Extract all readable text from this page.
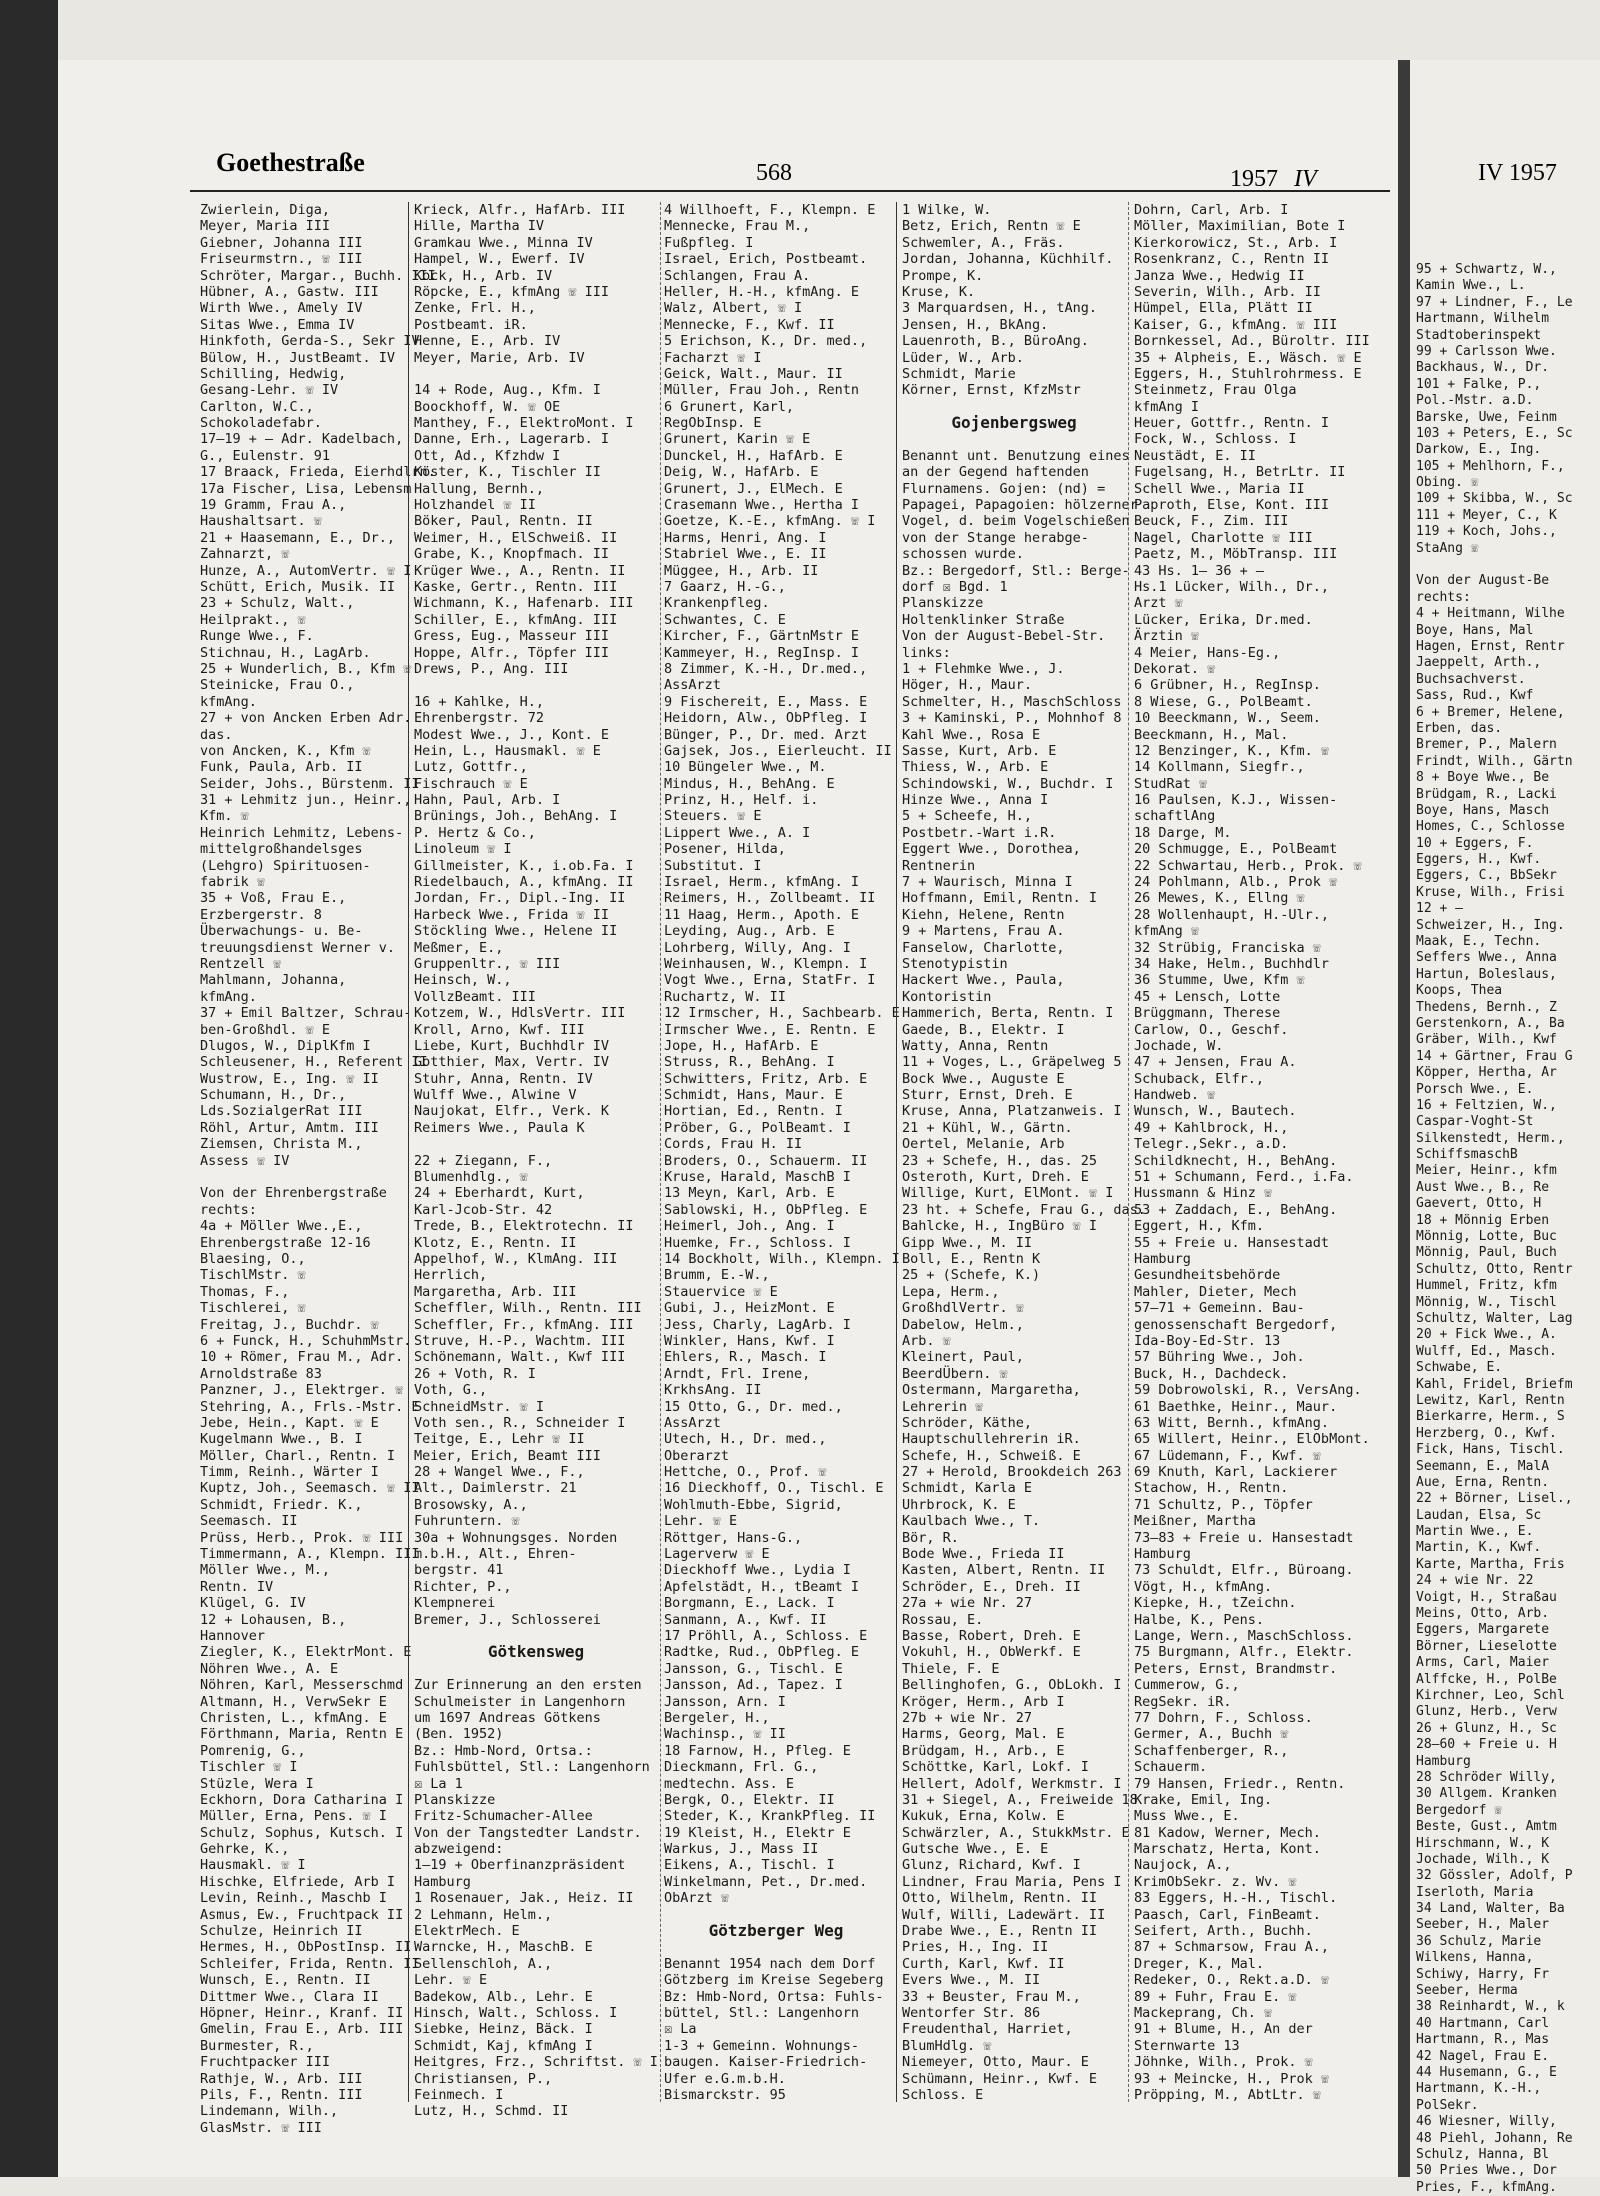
95 + Schwartz, W.,
Kamin Wwe., L.
97 + Lindner, F., Le
Hartmann, Wilhelm
Stadtoberinspekt
99 + Carlsson Wwe.
Backhaus, W., Dr.
101 + Falke, P.,
Pol.-Mstr. a.D.
Barske, Uwe, Feinm
103 + Peters, E., Sc
Darkow, E., Ing.
105 + Mehlhorn, F.,
Obing. ☏
109 + Skibba, W., Sc
111 + Meyer, C., K
119 + Koch, Johs.,
StaAng ☏

Von der August-Be
rechts:
4 + Heitmann, Wilhe
Boye, Hans, Mal
Hagen, Ernst, Rentr
Jaeppelt, Arth.,
Buchsachverst.
Sass, Rud., Kwf
6 + Bremer, Helene,
Erben, das.
Bremer, P., Malern
Frindt, Wilh., Gärtn
8 + Boye Wwe., Be
Brüdgam, R., Lacki
Boye, Hans, Masch
Homes, C., Schlosse
10 + Eggers, F.
Eggers, H., Kwf.
Eggers, C., BbSekr
Kruse, Wilh., Frisi
12 + —
Schweizer, H., Ing.
Maak, E., Techn.
Seffers Wwe., Anna
Hartun, Boleslaus,
Koops, Thea
Thedens, Bernh., Z
Gerstenkorn, A., Ba
Gräber, Wilh., Kwf
14 + Gärtner, Frau G
Köpper, Hertha, Ar
Porsch Wwe., E.
16 + Feltzien, W.,
Caspar-Voght-St
Silkenstedt, Herm.,
SchiffsmaschB
Meier, Heinr., kfm
Aust Wwe., B., Re
Gaevert, Otto, H
18 + Mönnig Erben
Mönnig, Lotte, Buc
Mönnig, Paul, Buch
Schultz, Otto, Rentr
Hummel, Fritz, kfm
Mönnig, W., Tischl
Schultz, Walter, Lag
20 + Fick Wwe., A.
Wulff, Ed., Masch.
Schwabe, E.
Kahl, Fridel, Briefm
Lewitz, Karl, Rentn
Bierkarre, Herm., S
Herzberg, O., Kwf.
Fick, Hans, Tischl.
Seemann, E., MalA
Aue, Erna, Rentn.
22 + Börner, Lisel.,
Laudan, Elsa, Sc
Martin Wwe., E.
Martin, K., Kwf.
Karte, Martha, Fris
24 + wie Nr. 22
Voigt, H., Straßau
Meins, Otto, Arb.
Eggers, Margarete
Börner, Lieselotte
Arms, Carl, Maier
Alffcke, H., PolBe
Kirchner, Leo, Schl
Glunz, Herb., Verw
26 + Glunz, H., Sc
28—60 + Freie u. H
Hamburg
28 Schröder Willy,
30 Allgem. Kranken
Bergedorf ☏
Beste, Gust., Amtm
Hirschmann, W., K
Jochade, Wilh., K
32 Gössler, Adolf, P
Iserloth, Maria
34 Land, Walter, Ba
Seeber, H., Maler
36 Schulz, Marie
Wilkens, Hanna,
Schiwy, Harry, Fr
Seeber, Herma
38 Reinhardt, W., k
40 Hartmann, Carl
Hartmann, R., Mas
42 Nagel, Frau E.
44 Husemann, G., E
Hartmann, K.-H.,
PolSekr.
46 Wiesner, Willy,
48 Piehl, Johann, Re
Schulz, Hanna, Bl
50 Pries Wwe., Dor
Pries, F., kfmAng.
Goethestraße	568	1957 IV	IV 1957
Zwierlein, Diga,
Meyer, Maria III
Giebner, Johanna III
Friseurmstrn., ☏ III
Schröter, Margar., Buchh. III
Hübner, A., Gastw. III
Wirth Wwe., Amely IV
Sitas Wwe., Emma IV
Hinkfoth, Gerda-S., Sekr IV
Bülow, H., JustBeamt. IV
Schilling, Hedwig,
Gesang-Lehr. ☏ IV
Carlton, W.C.,
Schokoladefabr.
17—19 + — Adr. Kadelbach,
G., Eulenstr. 91
17 Braack, Frieda, Eierhdlrn.
17a Fischer, Lisa, Lebensm
19 Gramm, Frau A.,
Haushaltsart. ☏
21 + Haasemann, E., Dr.,
Zahnarzt, ☏
Hunze, A., AutomVertr. ☏ I
Schütt, Erich, Musik. II
23 + Schulz, Walt.,
Heilprakt., ☏
Runge Wwe., F.
Stichnau, H., LagArb.
25 + Wunderlich, B., Kfm ☏
Steinicke, Frau O.,
kfmAng.
27 + von Ancken Erben Adr.
das.
von Ancken, K., Kfm ☏
Funk, Paula, Arb. II
Seider, Johs., Bürstenm. II
31 + Lehmitz jun., Heinr.,
Kfm. ☏
Heinrich Lehmitz, Lebens-
mittelgroßhandelsges
(Lehgro) Spirituosen-
fabrik ☏
35 + Voß, Frau E.,
Erzbergerstr. 8
Überwachungs- u. Be-
treuungsdienst Werner v.
Rentzell ☏
Mahlmann, Johanna,
kfmAng.
37 + Emil Baltzer, Schrau-
ben-Großhdl. ☏ E
Dlugos, W., DiplKfm I
Schleusener, H., Referent II
Wustrow, E., Ing. ☏ II
Schumann, H., Dr.,
Lds.SozialgerRat III
Röhl, Artur, Amtm. III
Ziemsen, Christa M.,
Assess ☏ IV

Von der Ehrenbergstraße
rechts:
4a + Möller Wwe.,E.,
Ehrenbergstraße 12-16
Blaesing, O.,
TischlMstr. ☏
Thomas, F.,
Tischlerei, ☏
Freitag, J., Buchdr. ☏
6 + Funck, H., SchuhmMstr.
10 + Römer, Frau M., Adr.
Arnoldstraße 83
Panzner, J., Elektrger. ☏
Stehring, A., Frls.-Mstr. E
Jebe, Hein., Kapt. ☏ E
Kugelmann Wwe., B. I
Möller, Charl., Rentn. I
Timm, Reinh., Wärter I
Kuptz, Joh., Seemasch. ☏ II
Schmidt, Friedr. K.,
Seemasch. II
Prüss, Herb., Prok. ☏ III
Timmermann, A., Klempn. III
Möller Wwe., M.,
Rentn. IV
Klügel, G. IV
12 + Lohausen, B.,
Hannover
Ziegler, K., ElektrMont. E
Nöhren Wwe., A. E
Nöhren, Karl, Messerschmd
Altmann, H., VerwSekr E
Christen, L., kfmAng. E
Förthmann, Maria, Rentn E
Pomrenig, G.,
Tischler ☏ I
Stüzle, Wera I
Eckhorn, Dora Catharina I
Müller, Erna, Pens. ☏ I
Schulz, Sophus, Kutsch. I
Gehrke, K.,
Hausmakl. ☏ I
Hischke, Elfriede, Arb I
Levin, Reinh., Maschb I
Asmus, Ew., Fruchtpack II
Schulze, Heinrich II
Hermes, H., ObPostInsp. II
Schleifer, Frida, Rentn. II
Wunsch, E., Rentn. II
Dittmer Wwe., Clara II
Höpner, Heinr., Kranf. II
Gmelin, Frau E., Arb. III
Burmester, R.,
Fruchtpacker III
Rathje, W., Arb. III
Pils, F., Rentn. III
Lindemann, Wilh.,
GlasMstr. ☏ III
Krieck, Alfr., HafArb. III
Hille, Martha IV
Gramkau Wwe., Minna IV
Hampel, W., Ewerf. IV
Kock, H., Arb. IV
Röpcke, E., kfmAng ☏ III
Zenke, Frl. H.,
Postbeamt. iR.
Henne, E., Arb. IV
Meyer, Marie, Arb. IV

14 + Rode, Aug., Kfm. I
Boockhoff, W. ☏ OE
Manthey, F., ElektroMont. I
Danne, Erh., Lagerarb. I
Ott, Ad., Kfzhdw I
Köster, K., Tischler II
Hallung, Bernh.,
Holzhandel ☏ II
Böker, Paul, Rentn. II
Weimer, H., ElSchweiß. II
Grabe, K., Knopfmach. II
Krüger Wwe., A., Rentn. II
Kaske, Gertr., Rentn. III
Wichmann, K., Hafenarb. III
Schiller, E., kfmAng. III
Gress, Eug., Masseur III
Hoppe, Alfr., Töpfer III
Drews, P., Ang. III

16 + Kahlke, H.,
Ehrenbergstr. 72
Modest Wwe., J., Kont. E
Hein, L., Hausmakl. ☏ E
Lutz, Gottfr.,
Fischrauch ☏ E
Hahn, Paul, Arb. I
Brünings, Joh., BehAng. I
P. Hertz & Co.,
Linoleum ☏ I
Gillmeister, K., i.ob.Fa. I
Riedelbauch, A., kfmAng. II
Jordan, Fr., Dipl.-Ing. II
Harbeck Wwe., Frida ☏ II
Stöckling Wwe., Helene II
Meßmer, E.,
Gruppenltr., ☏ III
Heinsch, W.,
VollzBeamt. III
Kotzem, W., HdlsVertr. III
Kroll, Arno, Kwf. III
Liebe, Kurt, Buchhdlr IV
Gotthier, Max, Vertr. IV
Stuhr, Anna, Rentn. IV
Wulff Wwe., Alwine V
Naujokat, Elfr., Verk. K
Reimers Wwe., Paula K

22 + Ziegann, F.,
Blumenhdlg., ☏
24 + Eberhardt, Kurt,
Karl-Jcob-Str. 42
Trede, B., Elektrotechn. II
Klotz, E., Rentn. II
Appelhof, W., KlmAng. III
Herrlich,
Margaretha, Arb. III
Scheffler, Wilh., Rentn. III
Scheffler, Fr., kfmAng. III
Struve, H.-P., Wachtm. III
Schönemann, Walt., Kwf III
26 + Voth, R. I
Voth, G.,
SchneidMstr. ☏ I
Voth sen., R., Schneider I
Teitge, E., Lehr ☏ II
Meier, Erich, Beamt III
28 + Wangel Wwe., F.,
Alt., Daimlerstr. 21
Brosowsky, A.,
Fuhruntern. ☏
30a + Wohnungsges. Norden
m.b.H., Alt., Ehren-
bergstr. 41
Richter, P.,
Klempnerei
Bremer, J., Schlosserei

Götkensweg

Zur Erinnerung an den ersten
Schulmeister in Langenhorn
um 1697 Andreas Götkens
(Ben. 1952)
Bz.: Hmb-Nord, Ortsa.:
Fuhlsbüttel, Stl.: Langenhorn
☒ La 1
Planskizze
Fritz-Schumacher-Allee
Von der Tangstedter Landstr.
abzweigend:
1—19 + Oberfinanzpräsident
Hamburg
1 Rosenauer, Jak., Heiz. II
2 Lehmann, Helm.,
ElektrMech. E
Warncke, H., MaschB. E
Sellenschloh, A.,
Lehr. ☏ E
Badekow, Alb., Lehr. E
Hinsch, Walt., Schloss. I
Siebke, Heinz, Bäck. I
Schmidt, Kaj, kfmAng I
Heitgres, Frz., Schriftst. ☏ I
Christiansen, P.,
Feinmech. I
Lutz, H., Schmd. II
4 Willhoeft, F., Klempn. E
Mennecke, Frau M.,
Fußpfleg. I
Israel, Erich, Postbeamt.
Schlangen, Frau A.
Heller, H.-H., kfmAng. E
Walz, Albert, ☏ I
Mennecke, F., Kwf. II
5 Erichson, K., Dr. med.,
Facharzt ☏ I
Geick, Walt., Maur. II
Müller, Frau Joh., Rentn
6 Grunert, Karl,
RegObInsp. E
Grunert, Karin ☏ E
Dunckel, H., HafArb. E
Deig, W., HafArb. E
Grunert, J., ElMech. E
Crasemann Wwe., Hertha I
Goetze, K.-E., kfmAng. ☏ I
Harms, Henri, Ang. I
Stabriel Wwe., E. II
Müggee, H., Arb. II
7 Gaarz, H.-G.,
Krankenpfleg.
Schwantes, C. E
Kircher, F., GärtnMstr E
Kammeyer, H., RegInsp. I
8 Zimmer, K.-H., Dr.med.,
AssArzt
9 Fischereit, E., Mass. E
Heidorn, Alw., ObPfleg. I
Bünger, P., Dr. med. Arzt
Gajsek, Jos., Eierleucht. II
10 Büngeler Wwe., M.
Mindus, H., BehAng. E
Prinz, H., Helf. i.
Steuers. ☏ E
Lippert Wwe., A. I
Posener, Hilda,
Substitut. I
Israel, Herm., kfmAng. I
Reimers, H., Zollbeamt. II
11 Haag, Herm., Apoth. E
Leyding, Aug., Arb. E
Lohrberg, Willy, Ang. I
Weinhausen, W., Klempn. I
Vogt Wwe., Erna, StatFr. I
Ruchartz, W. II
12 Irmscher, H., Sachbearb. E
Irmscher Wwe., E. Rentn. E
Jope, H., HafArb. E
Struss, R., BehAng. I
Schwitters, Fritz, Arb. E
Schmidt, Hans, Maur. E
Hortian, Ed., Rentn. I
Pröber, G., PolBeamt. I
Cords, Frau H. II
Broders, O., Schauerm. II
Kruse, Harald, MaschB I
13 Meyn, Karl, Arb. E
Sablowski, H., ObPfleg. E
Heimerl, Joh., Ang. I
Huemke, Fr., Schloss. I
14 Bockholt, Wilh., Klempn. I
Brumm, E.-W.,
Stauervice ☏ E
Gubi, J., HeizMont. E
Jess, Charly, LagArb. I
Winkler, Hans, Kwf. I
Ehlers, R., Masch. I
Arndt, Frl. Irene,
KrkhsAng. II
15 Otto, G., Dr. med.,
AssArzt
Utech, H., Dr. med.,
Oberarzt
Hettche, O., Prof. ☏
16 Dieckhoff, O., Tischl. E
Wohlmuth-Ebbe, Sigrid,
Lehr. ☏ E
Röttger, Hans-G.,
Lagerverw ☏ E
Dieckhoff Wwe., Lydia I
Apfelstädt, H., tBeamt I
Borgmann, E., Lack. I
Sanmann, A., Kwf. II
17 Pröhll, A., Schloss. E
Radtke, Rud., ObPfleg. E
Jansson, G., Tischl. E
Jansson, Ad., Tapez. I
Jansson, Arn. I
Bergeler, H.,
Wachinsp., ☏ II
18 Farnow, H., Pfleg. E
Dieckmann, Frl. G.,
medtechn. Ass. E
Bergk, O., Elektr. II
Steder, K., KrankPfleg. II
19 Kleist, H., Elektr E
Warkus, J., Mass II
Eikens, A., Tischl. I
Winkelmann, Pet., Dr.med.
ObArzt ☏

Götzberger Weg

Benannt 1954 nach dem Dorf
Götzberg im Kreise Segeberg
Bz: Hmb-Nord, Ortsa: Fuhls-
büttel, Stl.: Langenhorn
☒ La
1-3 + Gemeinn. Wohnungs-
baugen. Kaiser-Friedrich-
Ufer e.G.m.b.H.
Bismarckstr. 95
1 Wilke, W.
Betz, Erich, Rentn ☏ E
Schwemler, A., Fräs.
Jordan, Johanna, Küchhilf.
Prompe, K.
Kruse, K.
3 Marquardsen, H., tAng.
Jensen, H., BkAng.
Lauenroth, B., BüroAng.
Lüder, W., Arb.
Schmidt, Marie
Körner, Ernst, KfzMstr

Gojenbergsweg

Benannt unt. Benutzung eines
an der Gegend haftenden
Flurnamens. Gojen: (nd) =
Papagei, Papagoien: hölzerner
Vogel, d. beim Vogelschießen
von der Stange herabge-
schossen wurde.
Bz.: Bergedorf, Stl.: Berge-
dorf ☒ Bgd. 1
Planskizze
Holtenklinker Straße
Von der August-Bebel-Str.
links:
1 + Flehmke Wwe., J.
Höger, H., Maur.
Schmelter, H., MaschSchloss
3 + Kaminski, P., Mohnhof 8
Kahl Wwe., Rosa E
Sasse, Kurt, Arb. E
Thiess, W., Arb. E
Schindowski, W., Buchdr. I
Hinze Wwe., Anna I
5 + Scheefe, H.,
Postbetr.-Wart i.R.
Eggert Wwe., Dorothea,
Rentnerin
7 + Waurisch, Minna I
Hoffmann, Emil, Rentn. I
Kiehn, Helene, Rentn
9 + Martens, Frau A.
Fanselow, Charlotte,
Stenotypistin
Hackert Wwe., Paula,
Kontoristin
Hammerich, Berta, Rentn. I
Gaede, B., Elektr. I
Watty, Anna, Rentn
11 + Voges, L., Gräpelweg 5
Bock Wwe., Auguste E
Sturr, Ernst, Dreh. E
Kruse, Anna, Platzanweis. I
21 + Kühl, W., Gärtn.
Oertel, Melanie, Arb
23 + Schefe, H., das. 25
Osteroth, Kurt, Dreh. E
Willige, Kurt, ElMont. ☏ I
23 ht. + Schefe, Frau G., das.
Bahlcke, H., IngBüro ☏ I
Gipp Wwe., M. II
Boll, E., Rentn K
25 + (Schefe, K.)
Lepa, Herm.,
GroßhdlVertr. ☏
Dabelow, Helm.,
Arb. ☏
Kleinert, Paul,
BeerdÜbern. ☏
Ostermann, Margaretha,
Lehrerin ☏
Schröder, Käthe,
Hauptschullehrerin iR.
Schefe, H., Schweiß. E
27 + Herold, Brookdeich 263
Schmidt, Karla E
Uhrbrock, K. E
Kaulbach Wwe., T.
Bör, R.
Bode Wwe., Frieda II
Kasten, Albert, Rentn. II
Schröder, E., Dreh. II
27a + wie Nr. 27
Rossau, E.
Basse, Robert, Dreh. E
Vokuhl, H., ObWerkf. E
Thiele, F. E
Bellinghofen, G., ObLokh. I
Kröger, Herm., Arb I
27b + wie Nr. 27
Harms, Georg, Mal. E
Brüdgam, H., Arb., E
Schöttke, Karl, Lokf. I
Hellert, Adolf, Werkmstr. I
31 + Siegel, A., Freiweide 18
Kukuk, Erna, Kolw. E
Schwärzler, A., StukkMstr. E
Gutsche Wwe., E. E
Glunz, Richard, Kwf. I
Lindner, Frau Maria, Pens I
Otto, Wilhelm, Rentn. II
Wulf, Willi, Ladewärt. II
Drabe Wwe., E., Rentn II
Pries, H., Ing. II
Curth, Karl, Kwf. II
Evers Wwe., M. II
33 + Beuster, Frau M.,
Wentorfer Str. 86
Freudenthal, Harriet,
BlumHdlg. ☏
Niemeyer, Otto, Maur. E
Schümann, Heinr., Kwf. E
Schloss. E
Dohrn, Carl, Arb. I
Möller, Maximilian, Bote I
Kierkorowicz, St., Arb. I
Rosenkranz, C., Rentn II
Janza Wwe., Hedwig II
Severin, Wilh., Arb. II
Hümpel, Ella, Plätt II
Kaiser, G., kfmAng. ☏ III
Bornkessel, Ad., Büroltr. III
35 + Alpheis, E., Wäsch. ☏ E
Eggers, H., Stuhlrohrmess. E
Steinmetz, Frau Olga
kfmAng I
Heuer, Gottfr., Rentn. I
Fock, W., Schloss. I
Neustädt, E. II
Fugelsang, H., BetrLtr. II
Schell Wwe., Maria II
Paproth, Else, Kont. III
Beuck, F., Zim. III
Nagel, Charlotte ☏ III
Paetz, M., MöbTransp. III
43 Hs. 1— 36 + —
Hs.1 Lücker, Wilh., Dr.,
Arzt ☏
Lücker, Erika, Dr.med.
Ärztin ☏
4 Meier, Hans-Eg.,
Dekorat. ☏
6 Grübner, H., RegInsp.
8 Wiese, G., PolBeamt.
10 Beeckmann, W., Seem.
Beeckmann, H., Mal.
12 Benzinger, K., Kfm. ☏
14 Kollmann, Siegfr.,
StudRat ☏
16 Paulsen, K.J., Wissen-
schaftlAng
18 Darge, M.
20 Schmugge, E., PolBeamt
22 Schwartau, Herb., Prok. ☏
24 Pohlmann, Alb., Prok ☏
26 Mewes, K., Ellng ☏
28 Wollenhaupt, H.-Ulr.,
kfmAng ☏
32 Strübig, Franciska ☏
34 Hake, Helm., Buchhdlr
36 Stumme, Uwe, Kfm ☏
45 + Lensch, Lotte
Brüggmann, Therese
Carlow, O., Geschf.
Jochade, W.
47 + Jensen, Frau A.
Schuback, Elfr.,
Handweb. ☏
Wunsch, W., Bautech.
49 + Kahlbrock, H.,
Telegr.,Sekr., a.D.
Schildknecht, H., BehAng.
51 + Schumann, Ferd., i.Fa.
Hussmann & Hinz ☏
53 + Zaddach, E., BehAng.
Eggert, H., Kfm.
55 + Freie u. Hansestadt
Hamburg
Gesundheitsbehörde
Mahler, Dieter, Mech
57—71 + Gemeinn. Bau-
genossenschaft Bergedorf,
Ida-Boy-Ed-Str. 13
57 Bühring Wwe., Joh.
Buck, H., Dachdeck.
59 Dobrowolski, R., VersAng.
61 Baethke, Heinr., Maur.
63 Witt, Bernh., kfmAng.
65 Willert, Heinr., ElObMont.
67 Lüdemann, F., Kwf. ☏
69 Knuth, Karl, Lackierer
Stachow, H., Rentn.
71 Schultz, P., Töpfer
Meißner, Martha
73—83 + Freie u. Hansestadt
Hamburg
73 Schuldt, Elfr., Büroang.
Vögt, H., kfmAng.
Kiepke, H., tZeichn.
Halbe, K., Pens.
Lange, Wern., MaschSchloss.
75 Burgmann, Alfr., Elektr.
Peters, Ernst, Brandmstr.
Cummerow, G.,
RegSekr. iR.
77 Dohrn, F., Schloss.
Germer, A., Buchh ☏
Schaffenberger, R.,
Schauerm.
79 Hansen, Friedr., Rentn.
Krake, Emil, Ing.
Muss Wwe., E.
81 Kadow, Werner, Mech.
Marschatz, Herta, Kont.
Naujock, A.,
KrimObSekr. z. Wv. ☏
83 Eggers, H.-H., Tischl.
Paasch, Carl, FinBeamt.
Seifert, Arth., Buchh.
87 + Schmarsow, Frau A.,
Dreger, K., Mal.
Redeker, O., Rekt.a.D. ☏
89 + Fuhr, Frau E. ☏
Mackeprang, Ch. ☏
91 + Blume, H., An der
Sternwarte 13
Jöhnke, Wilh., Prok. ☏
93 + Meincke, H., Prok ☏
Pröpping, M., AbtLtr. ☏
